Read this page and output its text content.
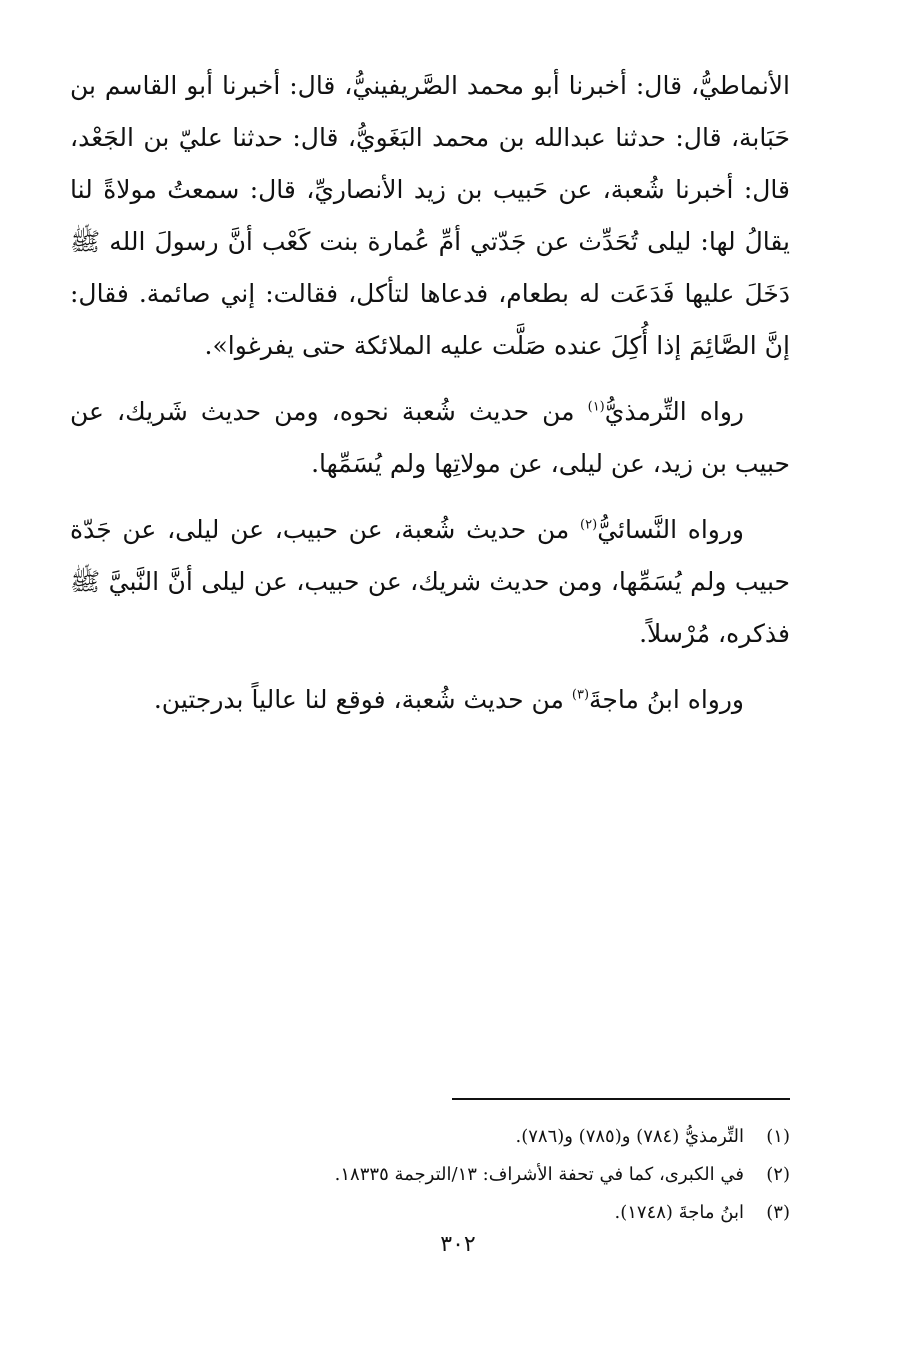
الأنماطيُّ، قال: أخبرنا أبو محمد الصَّريفينيُّ، قال: أخبرنا أبو القاسم بن حَبَابة، قال: حدثنا عبدالله بن محمد البَغَويُّ، قال: حدثنا عليّ بن الجَعْد، قال: أخبرنا شُعبة، عن حَبيب بن زيد الأنصاريِّ، قال: سمعتُ مولاةً لنا يقالُ لها: ليلى تُحَدِّث عن جَدّتي أمِّ عُمارة بنت كَعْب أنَّ رسولَ الله ﷺ دَخَلَ عليها فَدَعَت له بطعام، فدعاها لتأكل، فقالت: إني صائمة. فقال: إنَّ الصَّائِمَ إذا أُكِلَ عنده صَلَّت عليه الملائكة حتى يفرغوا».

رواه التِّرمذيُّ$^{(١)}$ من حديث شُعبة نحوه، ومن حديث شَريك، عن حبيب بن زيد، عن ليلى، عن مولاتِها ولم يُسَمِّها.

ورواه النَّسائيُّ$^{(٢)}$ من حديث شُعبة، عن حبيب، عن ليلى، عن جَدّة حبيب ولم يُسَمِّها، ومن حديث شريك، عن حبيب، عن ليلى أنَّ النَّبيَّ ﷺ فذكره، مُرْسلاً.

ورواه ابنُ ماجةَ$^{(٣)}$ من حديث شُعبة، فوقع لنا عالياً بدرجتين.

(١)
التِّرمذيُّ (٧٨٤) و(٧٨٥) و(٧٨٦).
(٢)
في الكبرى، كما في تحفة الأشراف: ١٣/الترجمة ١٨٣٣٥.
(٣)
ابنُ ماجةَ (١٧٤٨).
٣٠٢
